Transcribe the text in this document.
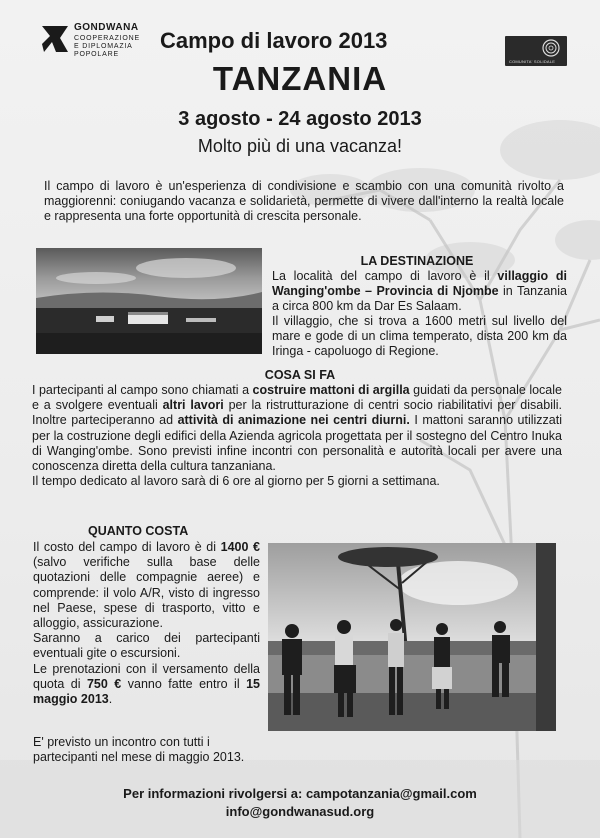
GONDWANA
COOPERAZIONE
E DIPLOMAZIA
POPOLARE
COMUNITA' SOLIDALE
Campo di lavoro 2013
TANZANIA
3 agosto - 24 agosto 2013
Molto più di una vacanza!

Il campo di lavoro è un'esperienza di condivisione e scambio con una comunità rivolto a maggiorenni: coniugando vacanza e solidarietà, permette di vivere dall'interno la realtà locale e rappresenta una forte opportunità di crescita personale.

LA DESTINAZIONE

La località del campo di lavoro è il villaggio di Wanging'ombe – Provincia di Njombe in Tanzania a circa 800 km da Dar Es Salaam.

Il villaggio, che si trova a 1600 metri sul livello del mare e gode di un clima temperato, dista 200 km da Iringa - capoluogo di Regione.

COSA SI FA

I partecipanti al campo sono chiamati a costruire mattoni di argilla guidati da personale locale e a svolgere eventuali altri lavori per la ristrutturazione di centri socio riabilitativi per disabili. Inoltre parteciperanno ad attività di animazione nei centri diurni. I mattoni saranno utilizzati per la costruzione degli edifici della Azienda agricola progettata per il sostegno del Centro Inuka di Wanging'ombe. Sono previsti infine incontri con personalità e autorità locali per avere una conoscenza diretta della cultura tanzaniana.

Il tempo dedicato al lavoro sarà di 6 ore al giorno per 5 giorni a settimana.

QUANTO COSTA

Il costo del campo di lavoro è di 1400 € (salvo verifiche sulla base delle quotazioni delle compagnie aeree) e comprende: il volo A/R, visto di ingresso nel Paese, spese di trasporto, vitto e alloggio, assicurazione.

Saranno a carico dei partecipanti eventuali gite o escursioni.

Le prenotazioni con il versamento della quota di 750 € vanno fatte entro il 15 maggio 2013.

E' previsto un incontro con tutti i partecipanti nel mese di maggio 2013.

Per informazioni rivolgersi a: campotanzania@gmail.com
info@gondwanasud.org
